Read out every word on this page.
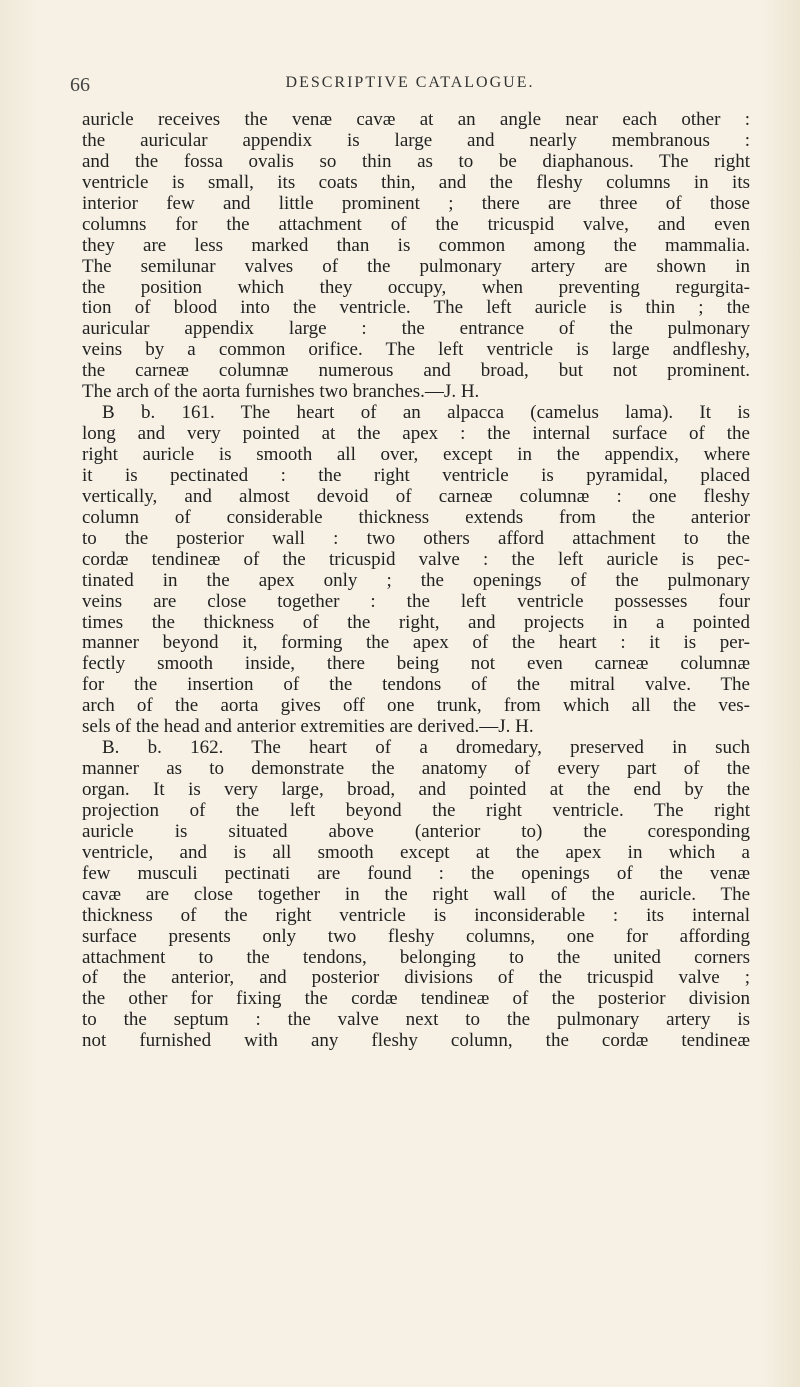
66	DESCRIPTIVE CATALOGUE.
auricle receives the venæ cavæ at an angle near each other :
the auricular appendix is large and nearly membranous :
and the fossa ovalis so thin as to be diaphanous. The right
ventricle is small, its coats thin, and the fleshy columns in its
interior few and little prominent ; there are three of those
columns for the attachment of the tricuspid valve, and even
they are less marked than is common among the mammalia.
The semilunar valves of the pulmonary artery are shown in
the position which they occupy, when preventing regurgita-
tion of blood into the ventricle. The left auricle is thin ; the
auricular appendix large : the entrance of the pulmonary
veins by a common orifice. The left ventricle is large andfleshy,
the carneæ columnæ numerous and broad, but not prominent.
The arch of the aorta furnishes two branches.—J. H.
B b. 161. The heart of an alpacca (camelus lama). It is
long and very pointed at the apex : the internal surface of the
right auricle is smooth all over, except in the appendix, where
it is pectinated : the right ventricle is pyramidal, placed
vertically, and almost devoid of carneæ columnæ : one fleshy
column of considerable thickness extends from the anterior
to the posterior wall : two others afford attachment to the
cordæ tendineæ of the tricuspid valve : the left auricle is pec-
tinated in the apex only ; the openings of the pulmonary
veins are close together : the left ventricle possesses four
times the thickness of the right, and projects in a pointed
manner beyond it, forming the apex of the heart : it is per-
fectly smooth inside, there being not even carneæ columnæ
for the insertion of the tendons of the mitral valve. The
arch of the aorta gives off one trunk, from which all the ves-
sels of the head and anterior extremities are derived.—J. H.
B. b. 162. The heart of a dromedary, preserved in such
manner as to demonstrate the anatomy of every part of the
organ. It is very large, broad, and pointed at the end by the
projection of the left beyond the right ventricle. The right
auricle is situated above (anterior to) the coresponding
ventricle, and is all smooth except at the apex in which a
few musculi pectinati are found : the openings of the venæ
cavæ are close together in the right wall of the auricle. The
thickness of the right ventricle is inconsiderable : its internal
surface presents only two fleshy columns, one for affording
attachment to the tendons, belonging to the united corners
of the anterior, and posterior divisions of the tricuspid valve ;
the other for fixing the cordæ tendineæ of the posterior division
to the septum : the valve next to the pulmonary artery is
not furnished with any fleshy column, the cordæ tendineæ
